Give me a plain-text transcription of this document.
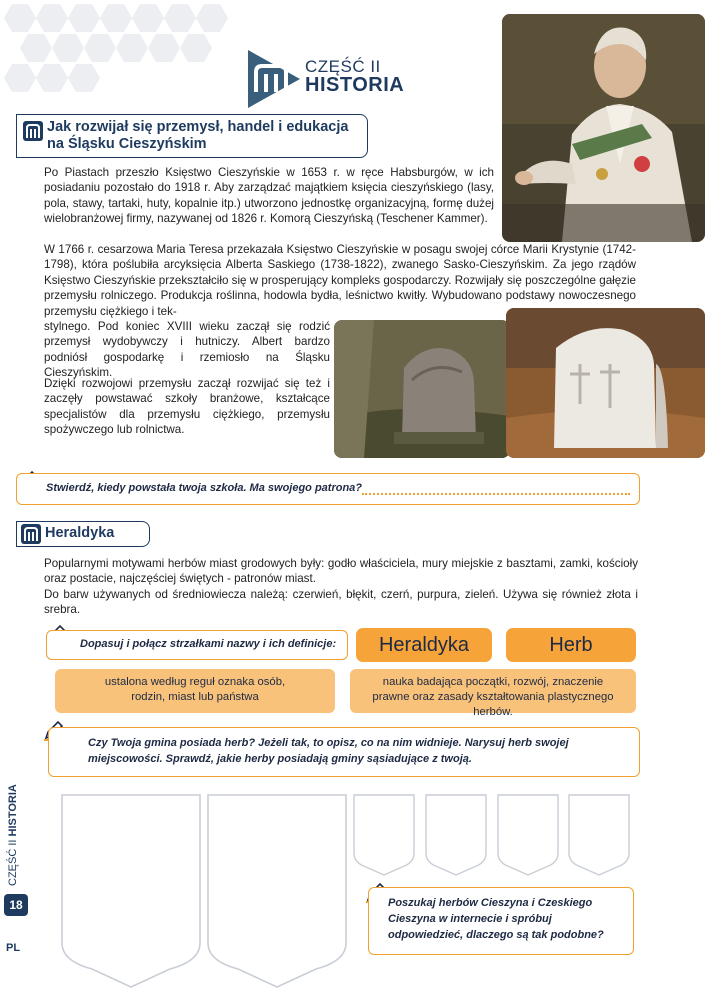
CZĘŚĆ II
HISTORIA
Jak rozwijał się przemysł, handel i edukacja
na Śląsku Cieszyńskim
Po Piastach przeszło Księstwo Cieszyńskie w 1653 r. w ręce Habsburgów, w ich posiadaniu pozostało do 1918 r. Aby zarządzać majątkiem księcia cieszyńskiego (lasy, pola, stawy, tartaki, huty, kopalnie itp.) utworzono jednostkę organizacyjną, formę dużej wielobranżowej firmy, nazywanej od 1826 r. Komorą Cieszyńską (Teschener Kammer).
W 1766 r. cesarzowa Maria Teresa przekazała Księstwo Cieszyńskie w posagu swojej córce Marii Krystynie (1742-1798), która poślubiła arcyksięcia Alberta Saskiego (1738-1822), zwanego Sasko-Cieszyńskim. Za jego rządów Księstwo Cieszyńskie przekształciło się w prosperujący kompleks gospodarczy. Rozwijały się poszczególne gałęzie przemysłu rolniczego. Produkcja roślinna, hodowla bydła, leśnictwo kwitły. Wybudowano podstawy nowoczesnego przemysłu ciężkiego i tek-
stylnego. Pod koniec XVIII wieku zaczął się rodzić przemysł wydobywczy i hutniczy. Albert bardzo podniósł gospodarkę i rzemiosło na Śląsku Cieszyńskim.
Dzięki rozwojowi przemysłu zaczął rozwijać się też i zaczęły powstawać szkoły branżowe, kształcące specjalistów dla przemysłu ciężkiego, przemysłu spożywczego lub rolnictwa.
Stwierdź, kiedy powstała twoja szkoła. Ma swojego patrona?
Heraldyka
Popularnymi motywami herbów miast grodowych były: godło właściciela, mury miejskie z basztami, zamki, kościoły oraz postacie, najczęściej świętych - patronów miast.
Do barw używanych od średniowiecza należą: czerwień, błękit, czerń, purpura, zieleń. Używa się również złota i srebra.
Dopasuj i połącz strzałkami nazwy i ich definicje:	Heraldyka	Herb
ustalona według reguł oznaka osób, rodzin, miast lub państwa
nauka badająca początki, rozwój, znaczenie prawne oraz zasady kształtowania plastycznego herbów.
Czy Twoja gmina posiada herb? Jeżeli tak, to opisz, co na nim widnieje. Narysuj herb swojej miejscowości. Sprawdź, jakie herby posiadają gminy sąsiadujące z twoją.
Poszukaj herbów Cieszyna i Czeskiego Cieszyna w internecie i spróbuj odpowiedzieć, dlaczego są tak podobne?
CZĘŚĆ II HISTORIA
18
PL
